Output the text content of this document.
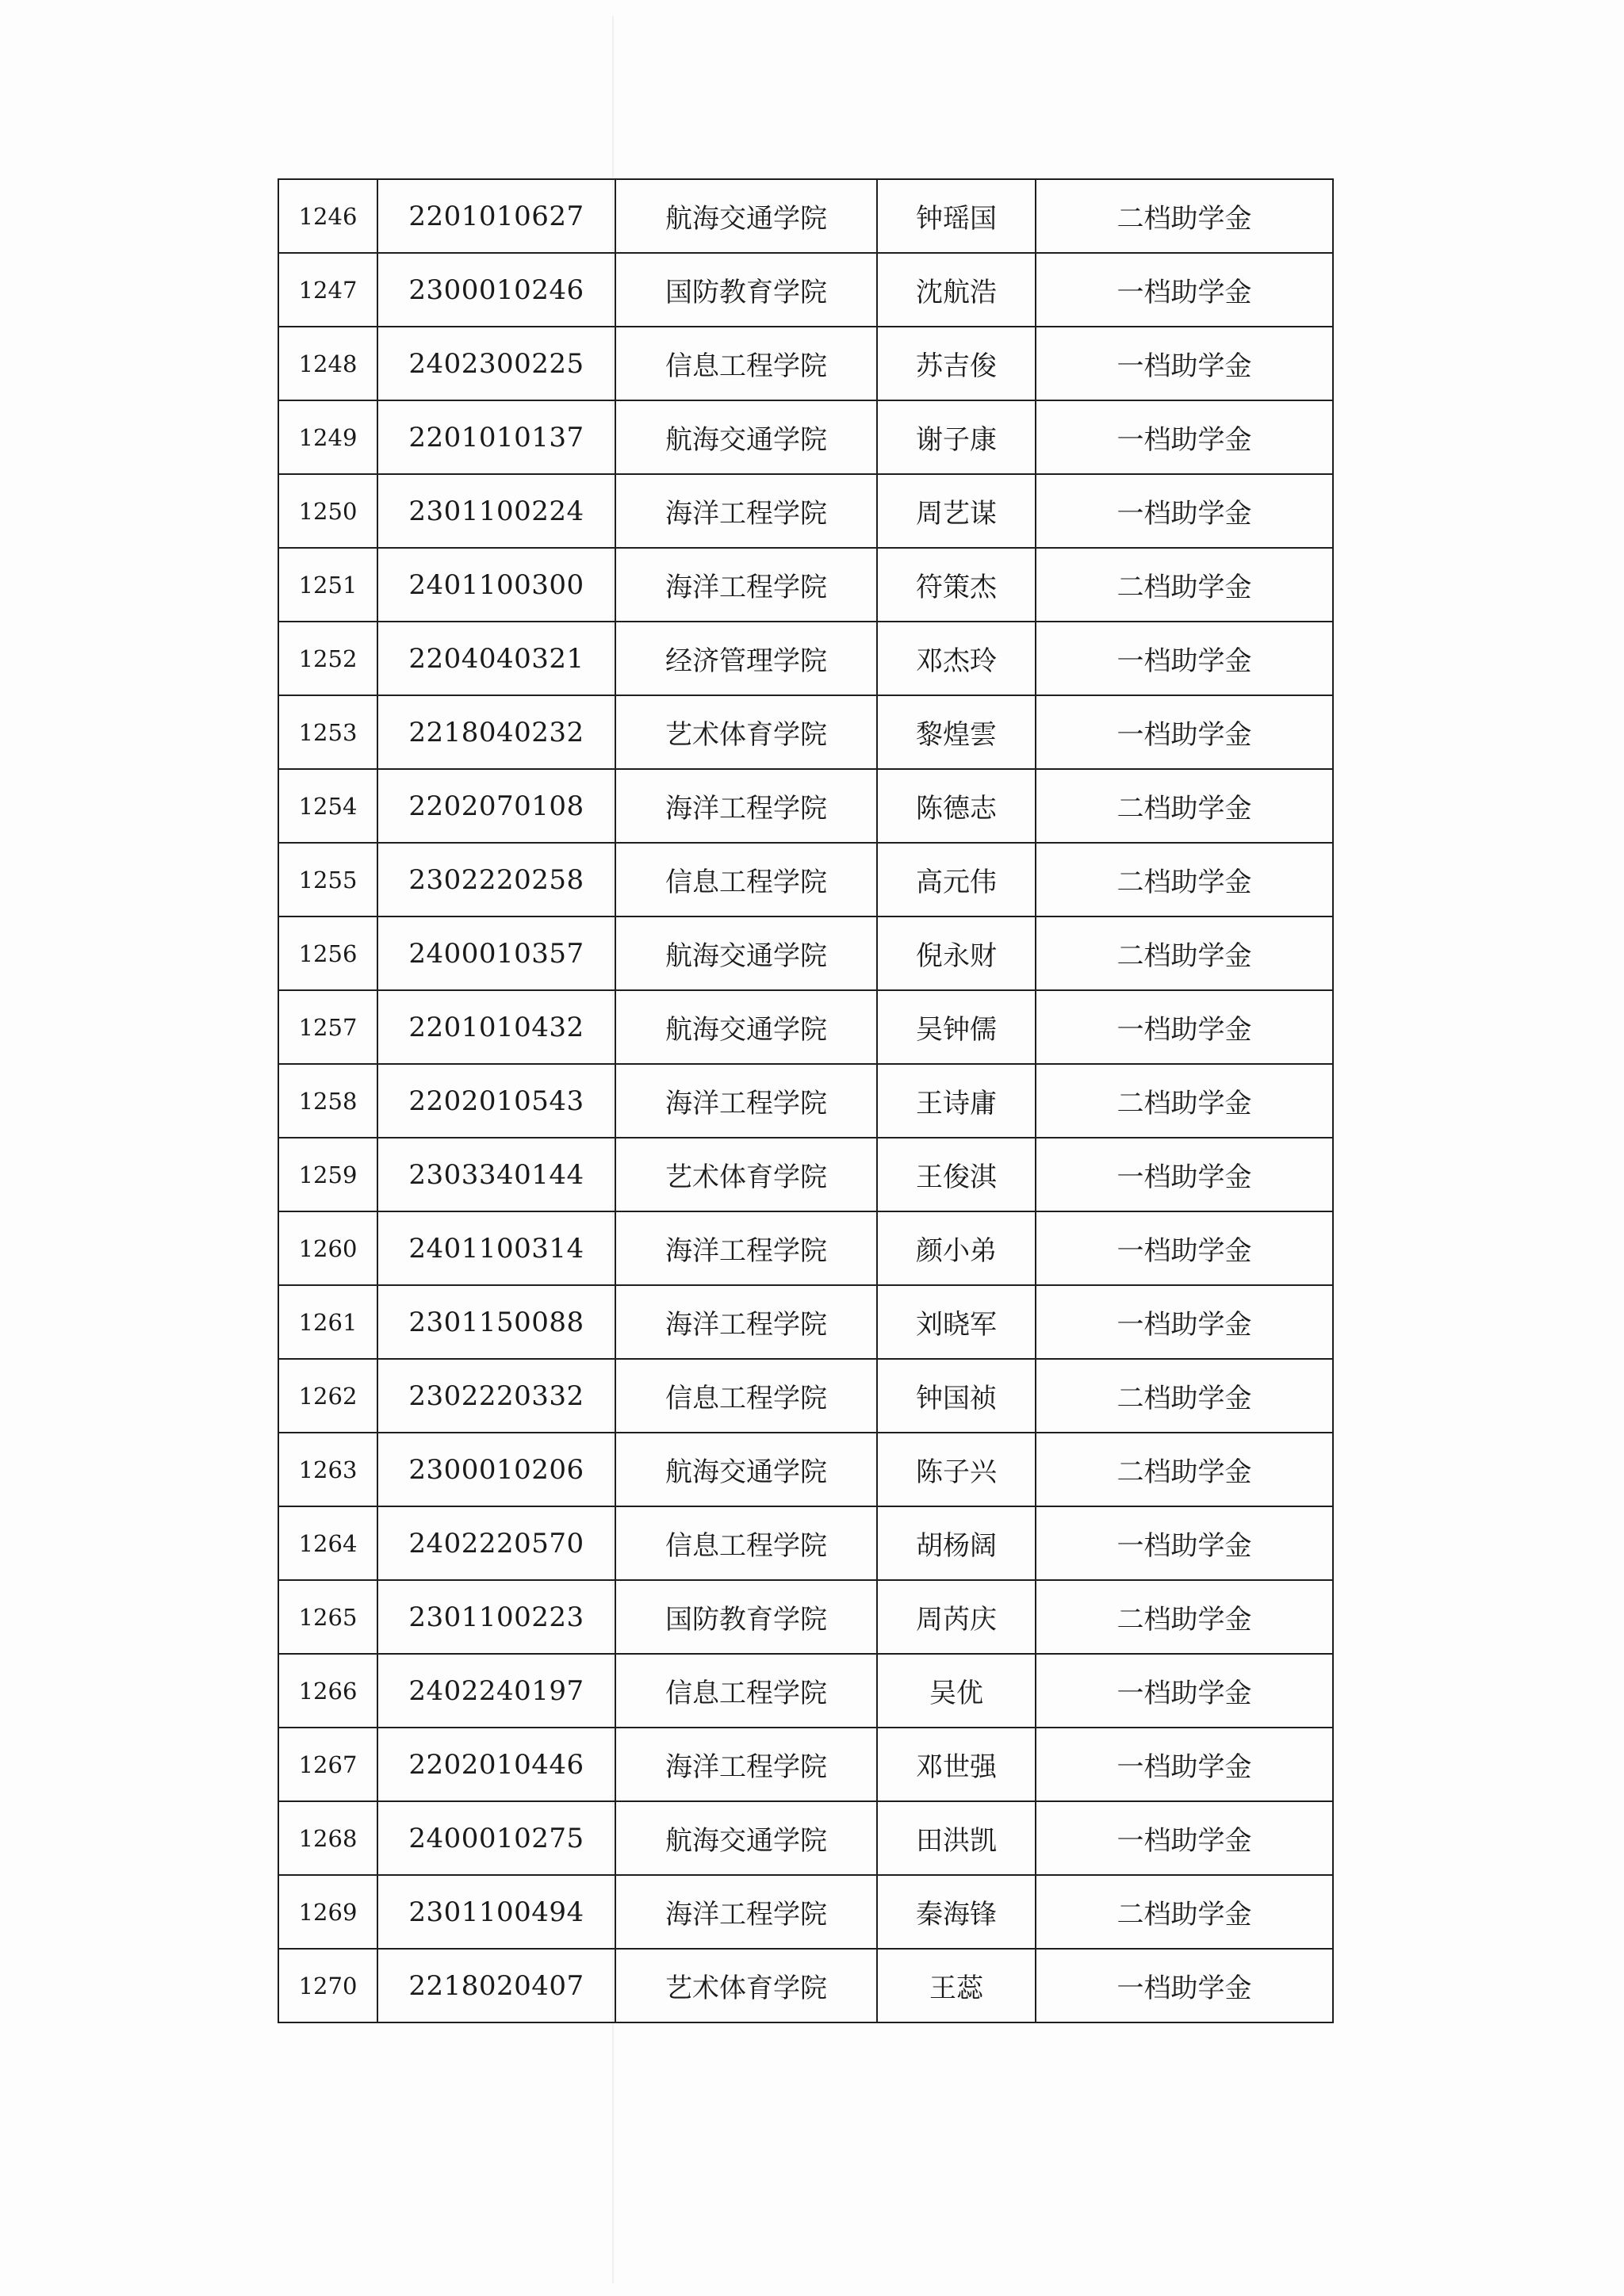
1246	2201010627	航海交通学院	钟瑶国	二档助学金
1247	2300010246	国防教育学院	沈航浩	一档助学金
1248	2402300225	信息工程学院	苏吉俊	一档助学金
1249	2201010137	航海交通学院	谢子康	一档助学金
1250	2301100224	海洋工程学院	周艺谋	一档助学金
1251	2401100300	海洋工程学院	符策杰	二档助学金
1252	2204040321	经济管理学院	邓杰玲	一档助学金
1253	2218040232	艺术体育学院	黎煌雲	一档助学金
1254	2202070108	海洋工程学院	陈德志	二档助学金
1255	2302220258	信息工程学院	高元伟	二档助学金
1256	2400010357	航海交通学院	倪永财	二档助学金
1257	2201010432	航海交通学院	吴钟儒	一档助学金
1258	2202010543	海洋工程学院	王诗庸	二档助学金
1259	2303340144	艺术体育学院	王俊淇	一档助学金
1260	2401100314	海洋工程学院	颜小弟	一档助学金
1261	2301150088	海洋工程学院	刘晓军	一档助学金
1262	2302220332	信息工程学院	钟国祯	二档助学金
1263	2300010206	航海交通学院	陈子兴	二档助学金
1264	2402220570	信息工程学院	胡杨阔	一档助学金
1265	2301100223	国防教育学院	周芮庆	二档助学金
1266	2402240197	信息工程学院	吴优	一档助学金
1267	2202010446	海洋工程学院	邓世强	一档助学金
1268	2400010275	航海交通学院	田洪凯	一档助学金
1269	2301100494	海洋工程学院	秦海锋	二档助学金
1270	2218020407	艺术体育学院	王蕊	一档助学金
